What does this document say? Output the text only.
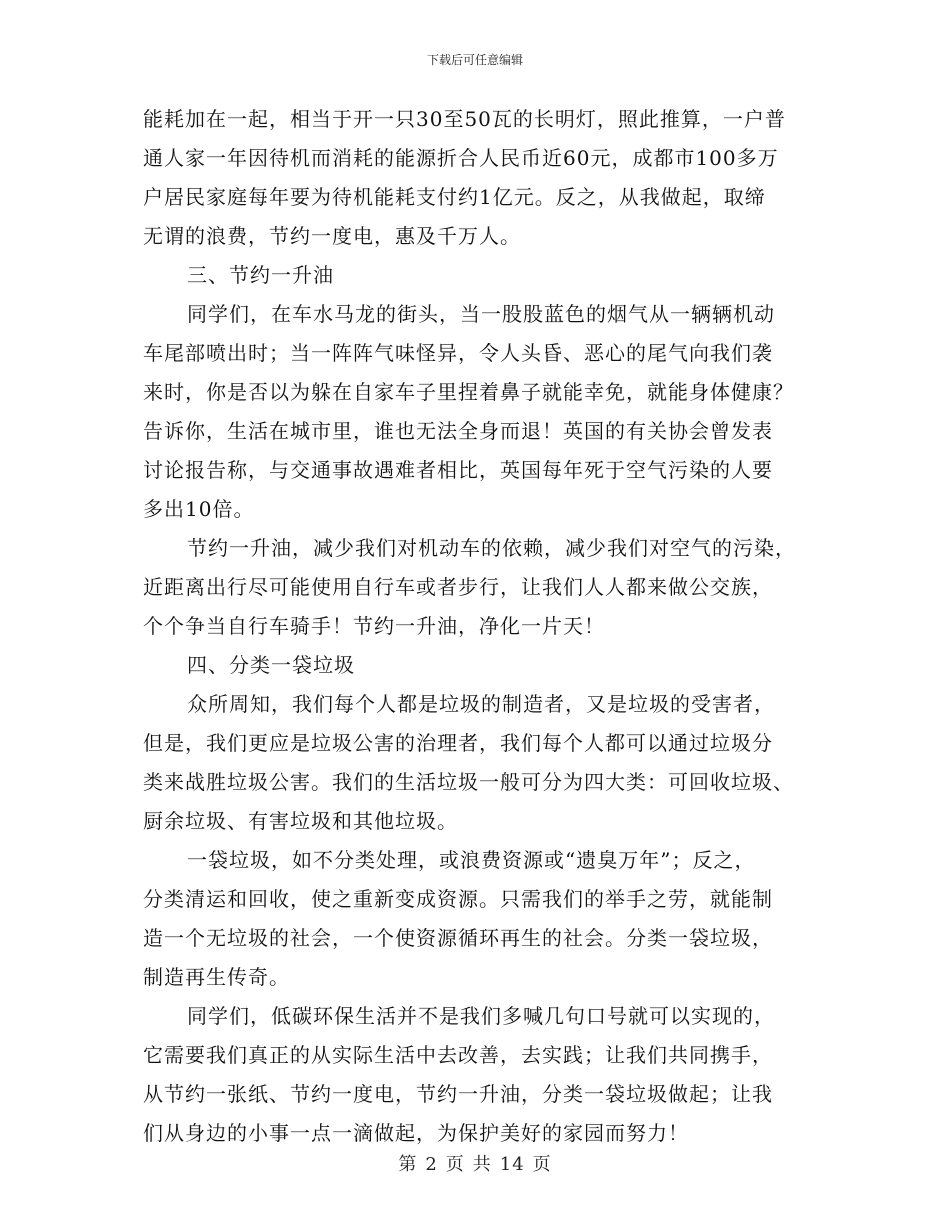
下载后可任意编辑

能耗加在一起，相当于开一只30至50瓦的长明灯，照此推算，一户普
通人家一年因待机而消耗的能源折合人民币近60元，成都市100多万
户居民家庭每年要为待机能耗支付约1亿元。反之，从我做起，取缔
无谓的浪费，节约一度电，惠及千万人。

三、节约一升油

同学们，在车水马龙的街头，当一股股蓝色的烟气从一辆辆机动
车尾部喷出时；当一阵阵气味怪异，令人头昏、恶心的尾气向我们袭
来时，你是否以为躲在自家车子里捏着鼻子就能幸免，就能身体健康？
告诉你，生活在城市里，谁也无法全身而退！英国的有关协会曾发表
讨论报告称，与交通事故遇难者相比，英国每年死于空气污染的人要
多出10倍。

节约一升油，减少我们对机动车的依赖，减少我们对空气的污染，
近距离出行尽可能使用自行车或者步行，让我们人人都来做公交族，
个个争当自行车骑手！节约一升油，净化一片天！

四、分类一袋垃圾

众所周知，我们每个人都是垃圾的制造者，又是垃圾的受害者，
但是，我们更应是垃圾公害的治理者，我们每个人都可以通过垃圾分
类来战胜垃圾公害。我们的生活垃圾一般可分为四大类：可回收垃圾、
厨余垃圾、有害垃圾和其他垃圾。

一袋垃圾，如不分类处理，或浪费资源或“遗臭万年”；反之，
分类清运和回收，使之重新变成资源。只需我们的举手之劳，就能制
造一个无垃圾的社会，一个使资源循环再生的社会。分类一袋垃圾，
制造再生传奇。

同学们，低碳环保生活并不是我们多喊几句口号就可以实现的，
它需要我们真正的从实际生活中去改善，去实践；让我们共同携手，
从节约一张纸、节约一度电，节约一升油，分类一袋垃圾做起；让我
们从身边的小事一点一滴做起，为保护美好的家园而努力！

第 2 页 共 14 页
